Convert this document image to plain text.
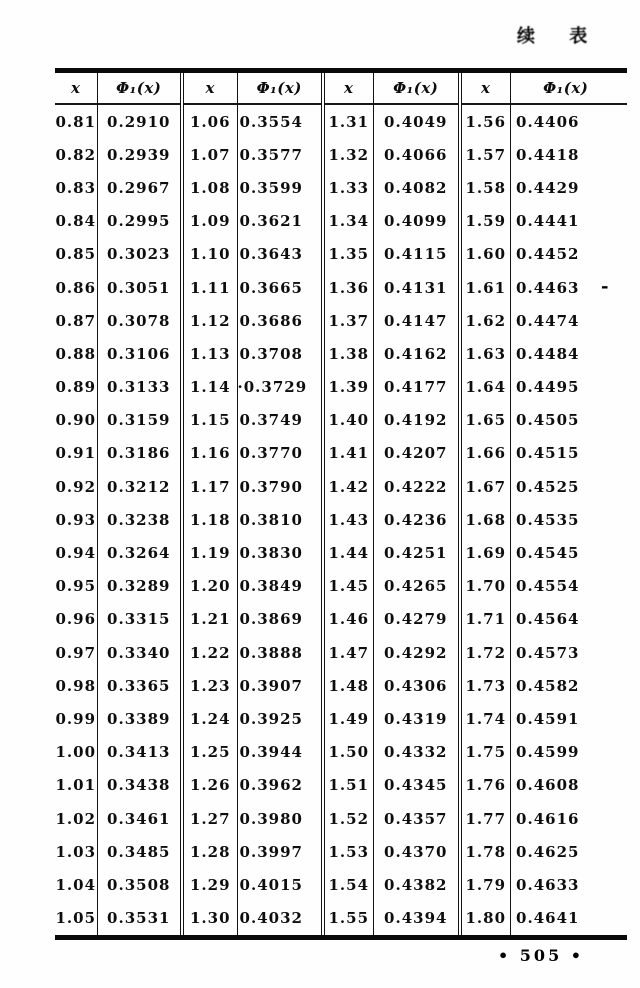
续 表
x	Φ₁(x)	x	Φ₁(x)	x	Φ₁(x)	x	Φ₁(x)
0.81	0.2910	1.06	0.3554	1.31	0.4049	1.56	0.4406
0.82	0.2939	1.07	0.3577	1.32	0.4066	1.57	0.4418
0.83	0.2967	1.08	0.3599	1.33	0.4082	1.58	0.4429
0.84	0.2995	1.09	0.3621	1.34	0.4099	1.59	0.4441
0.85	0.3023	1.10	0.3643	1.35	0.4115	1.60	0.4452
0.86	0.3051	1.11	0.3665	1.36	0.4131	1.61	0.4463
0.87	0.3078	1.12	0.3686	1.37	0.4147	1.62	0.4474
0.88	0.3106	1.13	0.3708	1.38	0.4162	1.63	0.4484
0.89	0.3133	1.14	·0.3729	1.39	0.4177	1.64	0.4495
0.90	0.3159	1.15	0.3749	1.40	0.4192	1.65	0.4505
0.91	0.3186	1.16	0.3770	1.41	0.4207	1.66	0.4515
0.92	0.3212	1.17	0.3790	1.42	0.4222	1.67	0.4525
0.93	0.3238	1.18	0.3810	1.43	0.4236	1.68	0.4535
0.94	0.3264	1.19	0.3830	1.44	0.4251	1.69	0.4545
0.95	0.3289	1.20	0.3849	1.45	0.4265	1.70	0.4554
0.96	0.3315	1.21	0.3869	1.46	0.4279	1.71	0.4564
0.97	0.3340	1.22	0.3888	1.47	0.4292	1.72	0.4573
0.98	0.3365	1.23	0.3907	1.48	0.4306	1.73	0.4582
0.99	0.3389	1.24	0.3925	1.49	0.4319	1.74	0.4591
1.00	0.3413	1.25	0.3944	1.50	0.4332	1.75	0.4599
1.01	0.3438	1.26	0.3962	1.51	0.4345	1.76	0.4608
1.02	0.3461	1.27	0.3980	1.52	0.4357	1.77	0.4616
1.03	0.3485	1.28	0.3997	1.53	0.4370	1.78	0.4625
1.04	0.3508	1.29	0.4015	1.54	0.4382	1.79	0.4633
1.05	0.3531	1.30	0.4032	1.55	0.4394	1.80	0.4641
-
• 505 •
